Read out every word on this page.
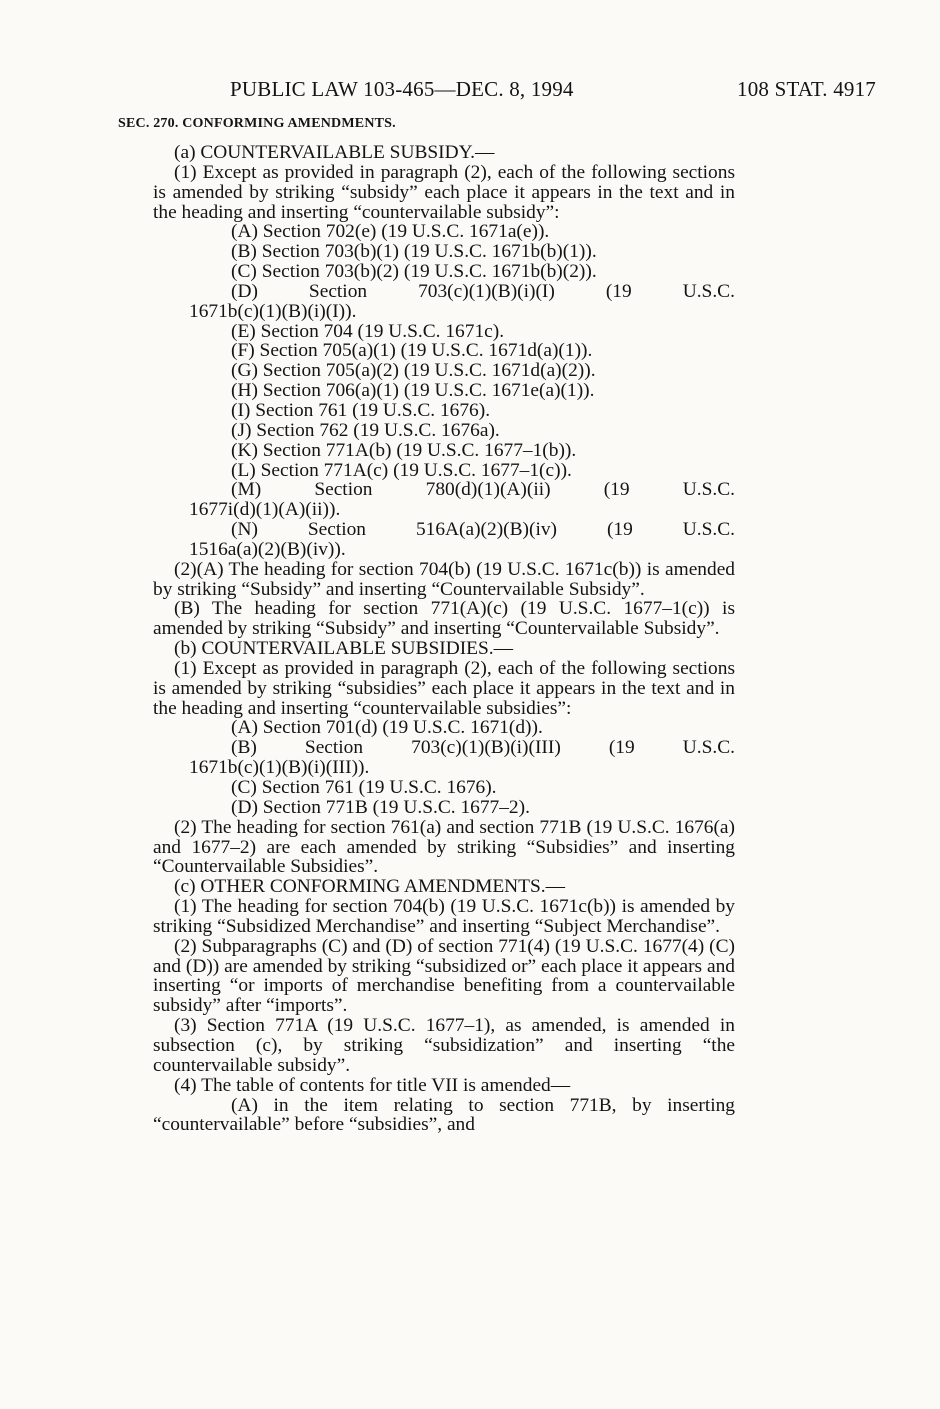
PUBLIC LAW 103-465—DEC. 8, 1994	108 STAT. 4917
SEC. 270. CONFORMING AMENDMENTS.

(a) COUNTERVAILABLE SUBSIDY.—

(1) Except as provided in paragraph (2), each of the following sections is amended by striking “subsidy” each place it appears in the text and in the heading and inserting “countervailable subsidy”:

(A) Section 702(e) (19 U.S.C. 1671a(e)).

(B) Section 703(b)(1) (19 U.S.C. 1671b(b)(1)).

(C) Section 703(b)(2) (19 U.S.C. 1671b(b)(2)).

(D)	Section	703(c)(1)(B)(i)(I)	(19	U.S.C.

1671b(c)(1)(B)(i)(I)).

(E) Section 704 (19 U.S.C. 1671c).

(F) Section 705(a)(1) (19 U.S.C. 1671d(a)(1)).

(G) Section 705(a)(2) (19 U.S.C. 1671d(a)(2)).

(H) Section 706(a)(1) (19 U.S.C. 1671e(a)(1)).

(I) Section 761 (19 U.S.C. 1676).

(J) Section 762 (19 U.S.C. 1676a).

(K) Section 771A(b) (19 U.S.C. 1677–1(b)).

(L) Section 771A(c) (19 U.S.C. 1677–1(c)).

(M)	Section	780(d)(1)(A)(ii)	(19	U.S.C.

1677i(d)(1)(A)(ii)).

(N)	Section	516A(a)(2)(B)(iv)	(19	U.S.C.

1516a(a)(2)(B)(iv)).

(2)(A) The heading for section 704(b) (19 U.S.C. 1671c(b)) is amended by striking “Subsidy” and inserting “Countervailable Subsidy”.

(B) The heading for section 771(A)(c) (19 U.S.C. 1677–1(c)) is amended by striking “Subsidy” and inserting “Countervailable Subsidy”.

(b) COUNTERVAILABLE SUBSIDIES.—

(1) Except as provided in paragraph (2), each of the following sections is amended by striking “subsidies” each place it appears in the text and in the heading and inserting “countervailable subsidies”:

(A) Section 701(d) (19 U.S.C. 1671(d)).

(B) Section 703(c)(1)(B)(i)(III) (19 U.S.C.

1671b(c)(1)(B)(i)(III)).

(C) Section 761 (19 U.S.C. 1676).

(D) Section 771B (19 U.S.C. 1677–2).

(2) The heading for section 761(a) and section 771B (19 U.S.C. 1676(a) and 1677–2) are each amended by striking “Subsidies” and inserting “Countervailable Subsidies”.

(c) OTHER CONFORMING AMENDMENTS.—

(1) The heading for section 704(b) (19 U.S.C. 1671c(b)) is amended by striking “Subsidized Merchandise” and inserting “Subject Merchandise”.

(2) Subparagraphs (C) and (D) of section 771(4) (19 U.S.C. 1677(4) (C) and (D)) are amended by striking “subsidized or” each place it appears and inserting “or imports of merchandise benefiting from a countervailable subsidy” after “imports”.

(3) Section 771A (19 U.S.C. 1677–1), as amended, is amended in subsection (c), by striking “subsidization” and inserting “the countervailable subsidy”.

(4) The table of contents for title VII is amended—

(A) in the item relating to section 771B, by inserting “countervailable” before “subsidies”, and
